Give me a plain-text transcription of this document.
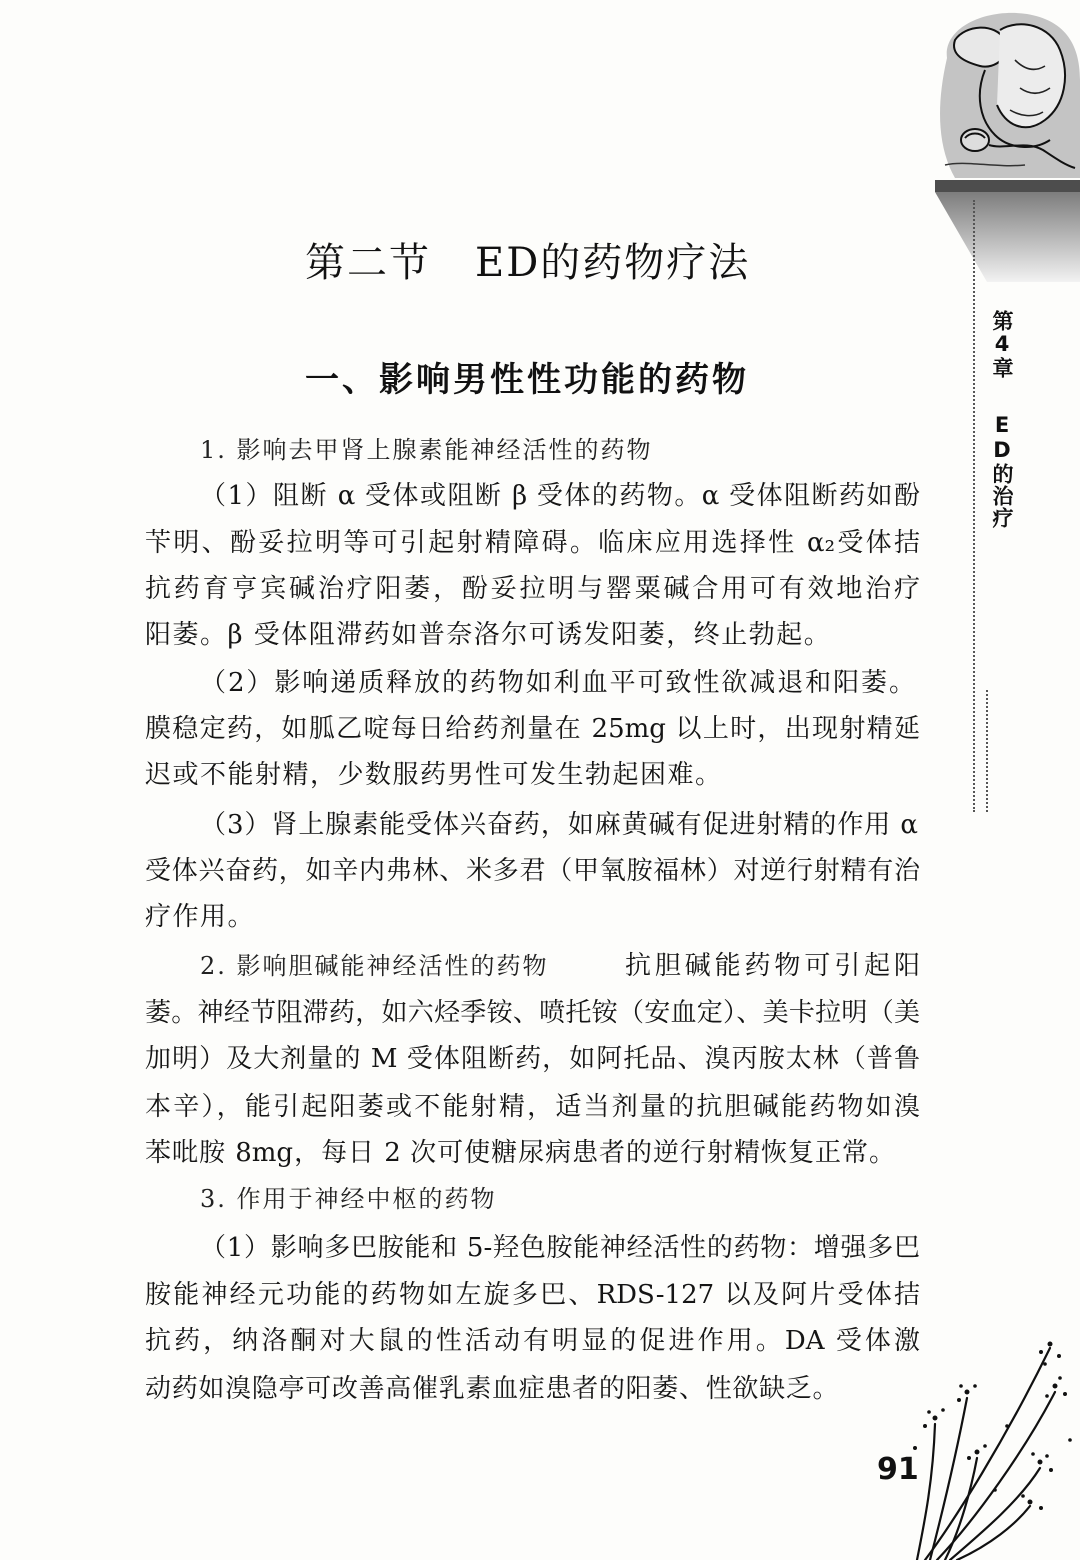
第4章
ED的治疗
第二节 ED的药物疗法
一、影响男性性功能的药物
1. 影响去甲肾上腺素能神经活性的药物
（1）阻断 α 受体或阻断 β 受体的药物。α 受体阻断药如酚
苄明、酚妥拉明等可引起射精障碍。临床应用选择性 α₂受体拮
抗药育亨宾碱治疗阳萎，酚妥拉明与罂粟碱合用可有效地治疗
阳萎。β 受体阻滞药如普奈洛尔可诱发阳萎，终止勃起。
（2）影响递质释放的药物如利血平可致性欲减退和阳萎。
膜稳定药，如胍乙啶每日给药剂量在 25mg 以上时，出现射精延
迟或不能射精，少数服药男性可发生勃起困难。
（3）肾上腺素能受体兴奋药，如麻黄碱有促进射精的作用 α
受体兴奋药，如辛内弗林、米多君（甲氧胺福林）对逆行射精有治
疗作用。
2. 影响胆碱能神经活性的药物	抗胆碱能药物可引起阳
萎。神经节阻滞药，如六烃季铵、喷托铵（安血定）、美卡拉明（美
加明）及大剂量的 M 受体阻断药，如阿托品、溴丙胺太林（普鲁
本辛），能引起阳萎或不能射精，适当剂量的抗胆碱能药物如溴
苯吡胺 8mg，每日 2 次可使糖尿病患者的逆行射精恢复正常。
3. 作用于神经中枢的药物
（1）影响多巴胺能和 5-羟色胺能神经活性的药物：增强多巴
胺能神经元功能的药物如左旋多巴、RDS-127 以及阿片受体拮
抗药，纳洛酮对大鼠的性活动有明显的促进作用。DA 受体激
动药如溴隐亭可改善高催乳素血症患者的阳萎、性欲缺乏。
91
